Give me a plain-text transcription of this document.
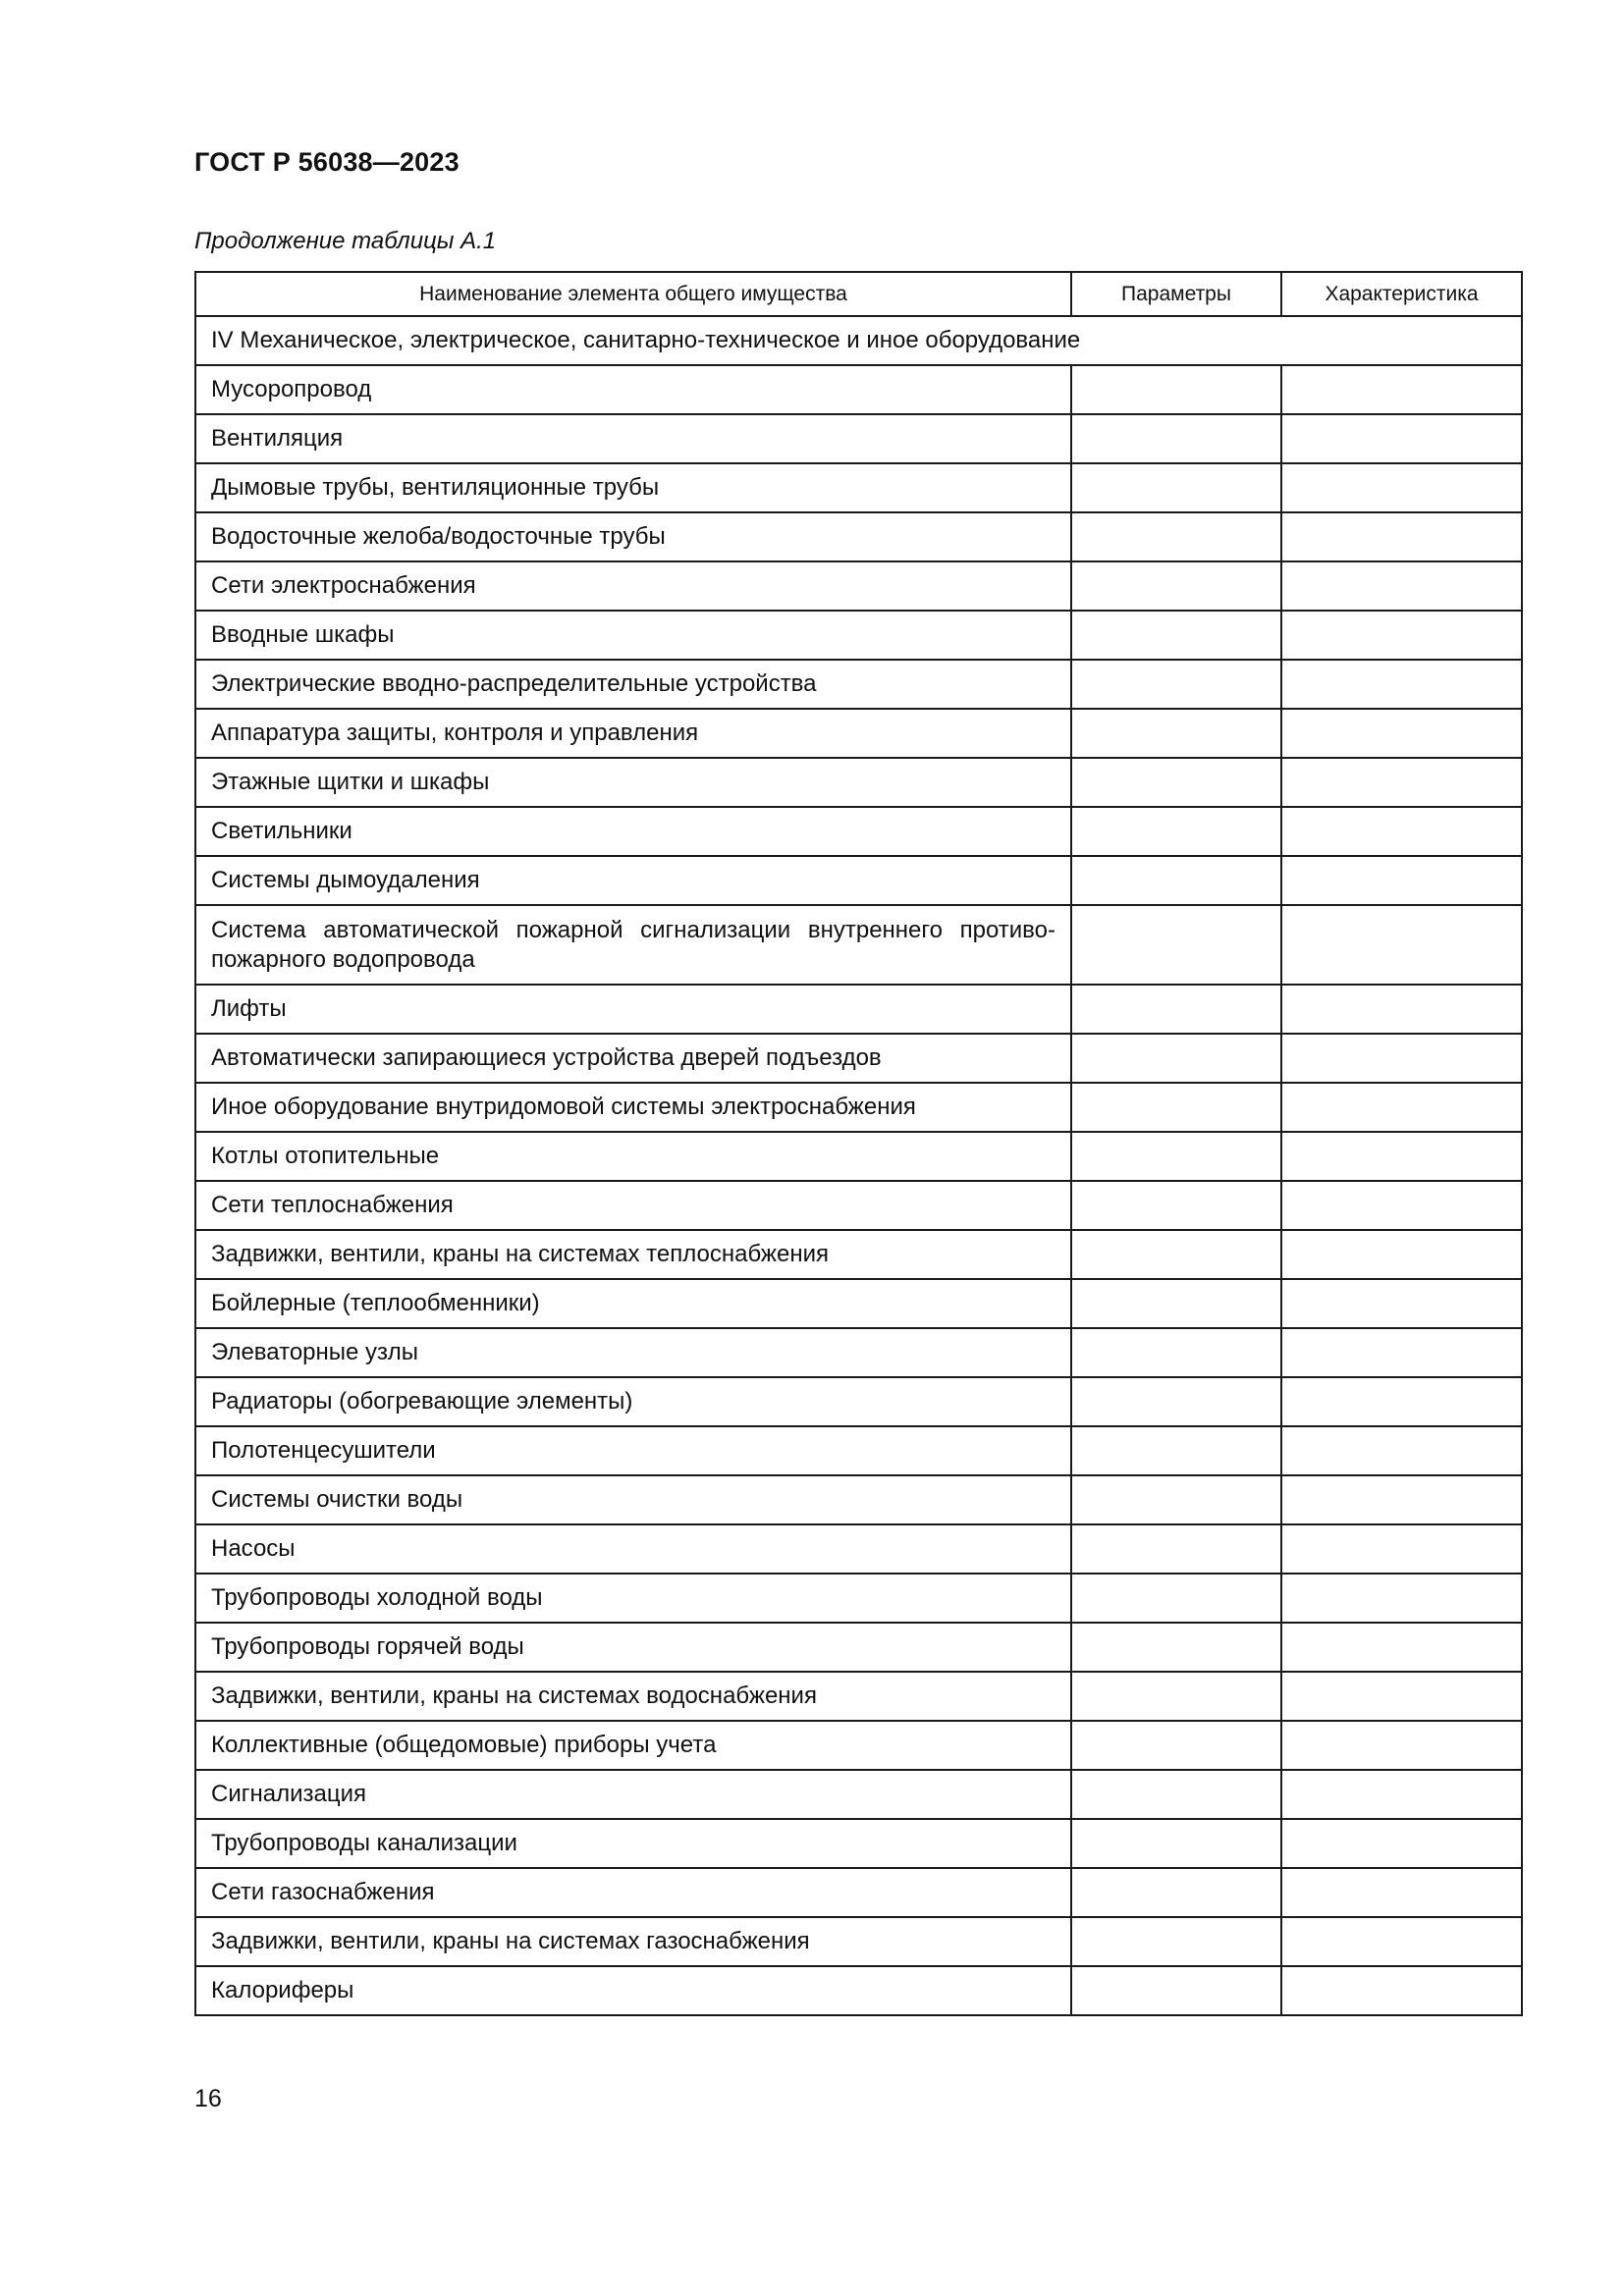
ГОСТ Р 56038—2023
Продолжение таблицы А.1
Наименование элемента общего имущества	Параметры	Характеристика
IV Механическое, электрическое, санитарно-техническое и иное оборудование		
Мусоропровод		
Вентиляция		
Дымовые трубы, вентиляционные трубы		
Водосточные желоба/водосточные трубы		
Сети электроснабжения		
Вводные шкафы		
Электрические вводно-распределительные устройства		
Аппаратура защиты, контроля и управления		
Этажные щитки и шкафы		
Светильники		
Системы дымоудаления		
Система автоматической пожарной сигнализации внутреннего противо-пожарного водопровода		
Лифты		
Автоматически запирающиеся устройства дверей подъездов		
Иное оборудование внутридомовой системы электроснабжения		
Котлы отопительные		
Сети теплоснабжения		
Задвижки, вентили, краны на системах теплоснабжения		
Бойлерные (теплообменники)		
Элеваторные узлы		
Радиаторы (обогревающие элементы)		
Полотенцесушители		
Системы очистки воды		
Насосы		
Трубопроводы холодной воды		
Трубопроводы горячей воды		
Задвижки, вентили, краны на системах водоснабжения		
Коллективные (общедомовые) приборы учета		
Сигнализация		
Трубопроводы канализации		
Сети газоснабжения		
Задвижки, вентили, краны на системах газоснабжения		
Калориферы		
16
